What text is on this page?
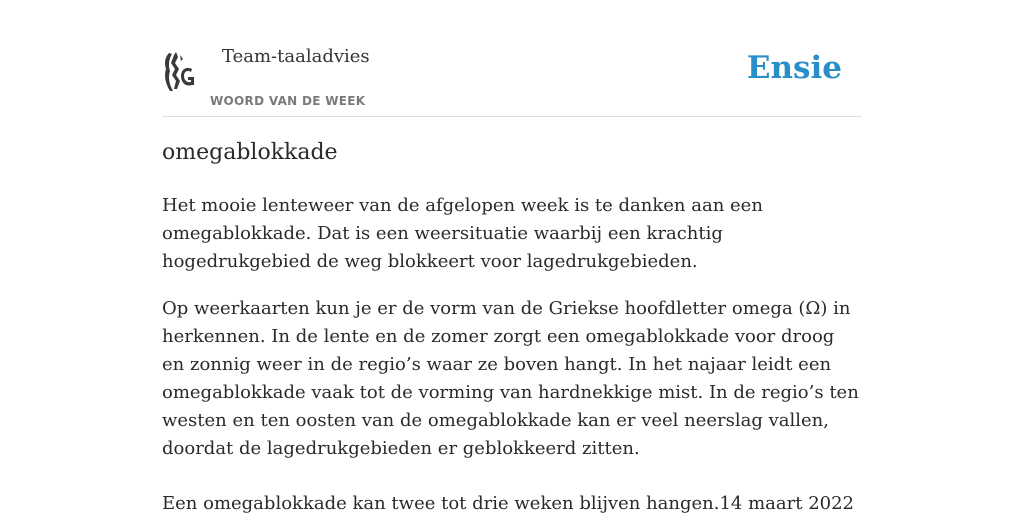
Team-taaladvies
WOORD VAN DE WEEK
Ensie
omegablokkade

Het mooie lenteweer van de afgelopen week is te danken aan een omegablokkade. Dat is een weersituatie waarbij een krachtig hogedrukgebied de weg blokkeert voor lagedrukgebieden.

Op weerkaarten kun je er de vorm van de Griekse hoofdletter omega (Ω) in herkennen. In de lente en de zomer zorgt een omegablokkade voor droog en zonnig weer in de regio’s waar ze boven hangt. In het najaar leidt een omegablokkade vaak tot de vorming van hardnekkige mist. In de regio’s ten westen en ten oosten van de omegablokkade kan er veel neerslag vallen, doordat de lagedrukgebieden er geblokkeerd zitten.

Een omegablokkade kan twee tot drie weken blijven hangen.14 maart 2022
